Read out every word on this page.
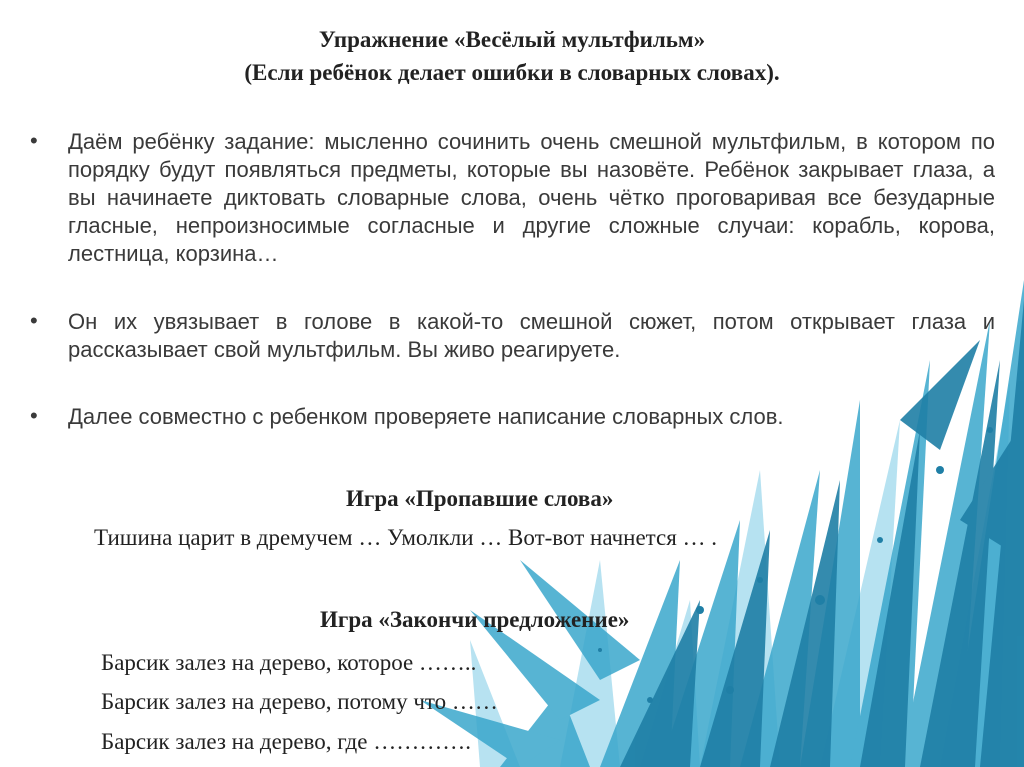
Упражнение «Весёлый мультфильм»
(Если ребёнок делает ошибки в словарных словах).
• Даём ребёнку задание: мысленно сочинить очень смешной мультфильм, в котором по порядку будут появляться предметы, которые вы назовёте. Ребёнок закрывает глаза, а вы начинаете диктовать словарные слова, очень чётко проговаривая все безударные гласные, непроизносимые согласные и другие сложные случаи: корабль, корова, лестница, корзина…
• Он их увязывает в голове в какой-то смешной сюжет, потом открывает глаза и рассказывает свой мультфильм. Вы живо реагируете.
• Далее совместно с ребенком проверяете написание словарных слов.
Игра «Пропавшие слова»
Тишина царит в дремучем … Умолкли … Вот-вот начнется … .
Игра «Закончи предложение»
Барсик залез на дерево, которое ……..
Барсик залез на дерево, потому что ……
Барсик залез на дерево, где ………….
